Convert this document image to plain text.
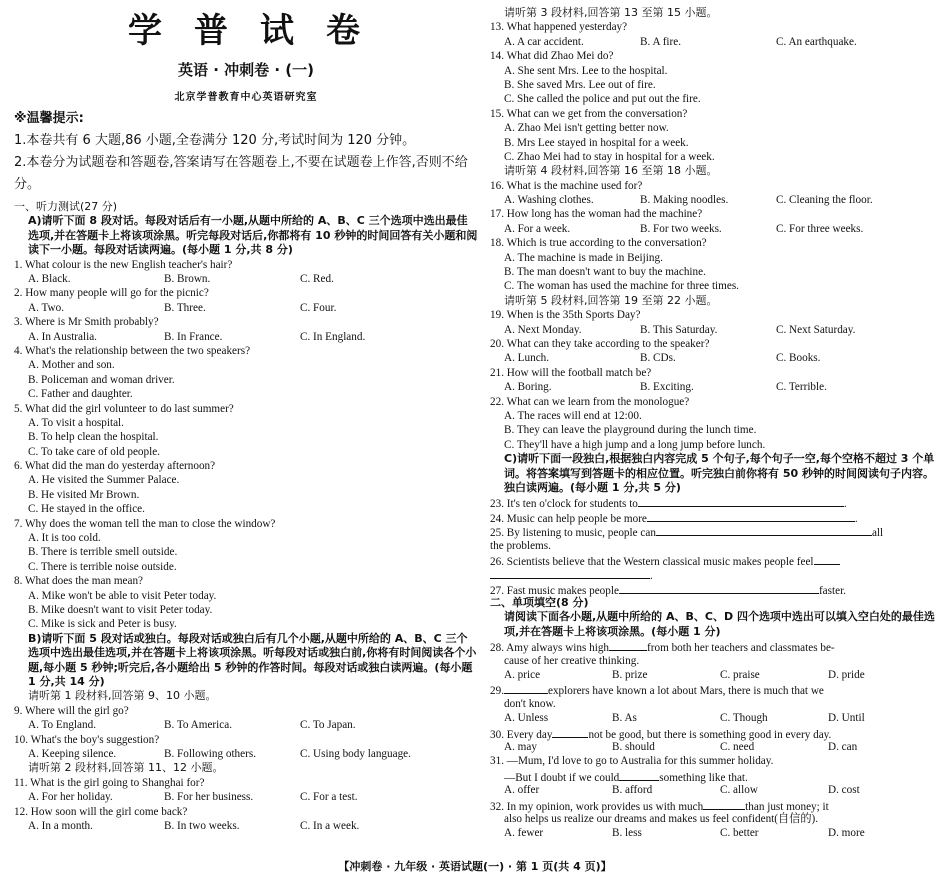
学普试卷
英语 · 冲刺卷 · (一)
北京学普教育中心英语研究室
※温馨提示:
1.本卷共有 6 大题,86 小题,全卷满分 120 分,考试时间为 120 分钟。
2.本卷分为试题卷和答题卷,答案请写在答题卷上,不要在试题卷上作答,否则不给分。
一、听力测试(27 分)
A)请听下面 8 段对话。每段对话后有一小题,从题中所给的 A、B、C 三个选项中选出最佳选项,并在答题卡上将该项涂黑。听完每段对话后,你都将有 10 秒钟的时间回答有关小题和阅读下一小题。每段对话读两遍。(每小题 1 分,共 8 分)
1. What colour is the new English teacher's hair?
A. Black.	B. Brown.	C. Red.
2. How many people will go for the picnic?
A. Two.	B. Three.	C. Four.
3. Where is Mr Smith probably?
A. In Australia.	B. In France.	C. In England.
4. What's the relationship between the two speakers?
A. Mother and son.
B. Policeman and woman driver.
C. Father and daughter.
5. What did the girl volunteer to do last summer?
A. To visit a hospital.
B. To help clean the hospital.
C. To take care of old people.
6. What did the man do yesterday afternoon?
A. He visited the Summer Palace.
B. He visited Mr Brown.
C. He stayed in the office.
7. Why does the woman tell the man to close the window?
A. It is too cold.
B. There is terrible smell outside.
C. There is terrible noise outside.
8. What does the man mean?
A. Mike won't be able to visit Peter today.
B. Mike doesn't want to visit Peter today.
C. Mike is sick and Peter is busy.
B)请听下面 5 段对话或独白。每段对话或独白后有几个小题,从题中所给的 A、B、C 三个选项中选出最佳选项,并在答题卡上将该项涂黑。听每段对话或独白前,你将有时间阅读各个小题,每小题 5 秒钟;听完后,各小题给出 5 秒钟的作答时间。每段对话或独白读两遍。(每小题 1 分,共 14 分)
请听第 1 段材料,回答第 9、10 小题。
9. Where will the girl go?
A. To England.	B. To America.	C. To Japan.
10. What's the boy's suggestion?
A. Keeping silence.	B. Following others.	C. Using body language.
请听第 2 段材料,回答第 11、12 小题。
11. What is the girl going to Shanghai for?
A. For her holiday.	B. For her business.	C. For a test.
12. How soon will the girl come back?
A. In a month.	B. In two weeks.	C. In a week.
请听第 3 段材料,回答第 13 至第 15 小题。
13. What happened yesterday?
A. A car accident.	B. A fire.	C. An earthquake.
14. What did Zhao Mei do?
A. She sent Mrs. Lee to the hospital.
B. She saved Mrs. Lee out of fire.
C. She called the police and put out the fire.
15. What can we get from the conversation?
A. Zhao Mei isn't getting better now.
B. Mrs Lee stayed in hospital for a week.
C. Zhao Mei had to stay in hospital for a week.
请听第 4 段材料,回答第 16 至第 18 小题。
16. What is the machine used for?
A. Washing clothes.	B. Making noodles.	C. Cleaning the floor.
17. How long has the woman had the machine?
A. For a week.	B. For two weeks.	C. For three weeks.
18. Which is true according to the conversation?
A. The machine is made in Beijing.
B. The man doesn't want to buy the machine.
C. The woman has used the machine for three times.
请听第 5 段材料,回答第 19 至第 22 小题。
19. When is the 35th Sports Day?
A. Next Monday.	B. This Saturday.	C. Next Saturday.
20. What can they take according to the speaker?
A. Lunch.	B. CDs.	C. Books.
21. How will the football match be?
A. Boring.	B. Exciting.	C. Terrible.
22. What can we learn from the monologue?
A. The races will end at 12:00.
B. They can leave the playground during the lunch time.
C. They'll have a high jump and a long jump before lunch.
C)请听下面一段独白,根据独白内容完成 5 个句子,每个句子一空,每个空格不超过 3 个单词。将答案填写到答题卡的相应位置。听完独白前你将有 50 秒钟的时间阅读句子内容。独白读两遍。(每小题 1 分,共 5 分)
23. It's ten o'clock for students to	.
24. Music can help people be more	.
25. By listening to music, people can	all
the problems.
26. Scientists believe that the Western classical music makes people feel
.
27. Fast music makes people	faster.
二、单项填空(8 分)
请阅读下面各小题,从题中所给的 A、B、C、D 四个选项中选出可以填入空白处的最佳选项,并在答题卡上将该项涂黑。(每小题 1 分)
28. Amy always wins high	from both her teachers and classmates be-
cause of her creative thinking.
A. price	B. prize	C. praise	D. pride
29.	explorers have known a lot about Mars, there is much that we
don't know.
A. Unless	B. As	C. Though	D. Until
30. Every day	not be good, but there is something good in every day.
A. may	B. should	C. need	D. can
31. —Mum, I'd love to go to Australia for this summer holiday.
—But I doubt if we could	something like that.
A. offer	B. afford	C. allow	D. cost
32. In my opinion, work provides us with much	than just money; it
also helps us realize our dreams and makes us feel confident(自信的).
A. fewer	B. less	C. better	D. more
【冲刺卷 · 九年级 · 英语试题(一) · 第 1 页(共 4 页)】
